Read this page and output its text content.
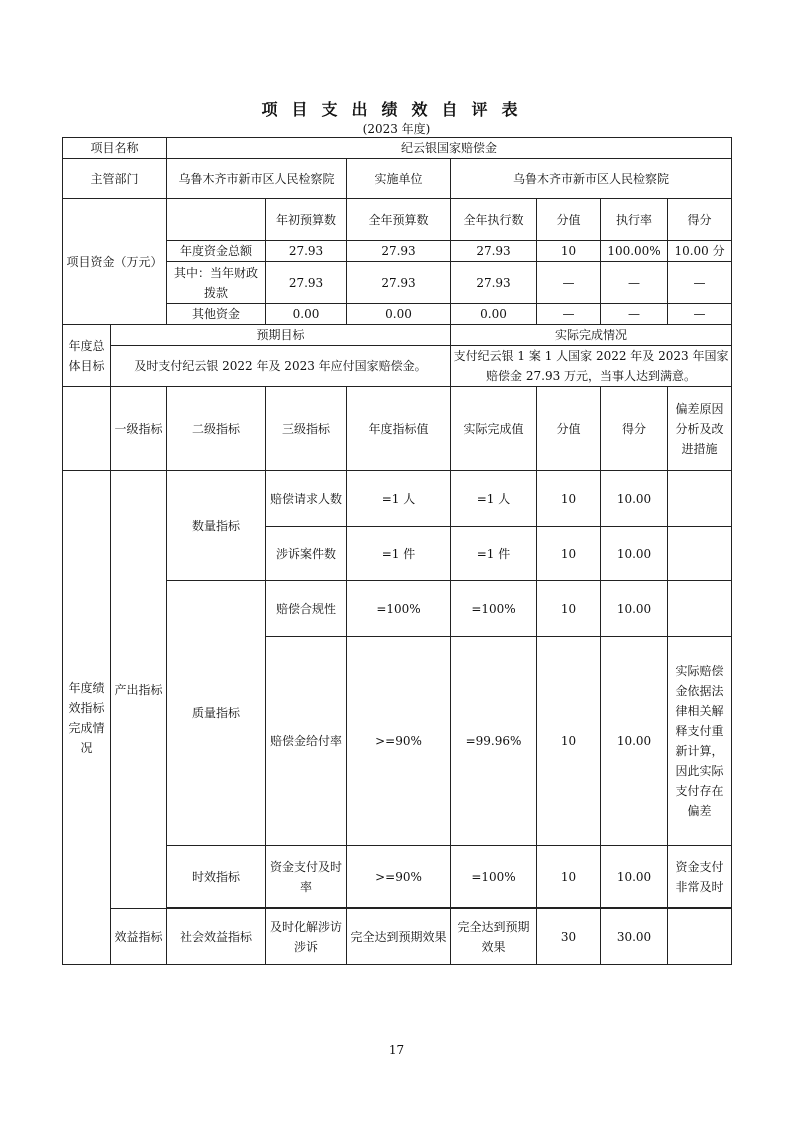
项目支出绩效自评表
(2023 年度)
项目名称		纪云银国家赔偿金						
主管部门		乌鲁木齐市新市区人民检察院		实施单位	乌鲁木齐市新市区人民检察院			
项目资金（万元）			年初预算数	全年预算数	全年执行数	分值	执行率	得分
		年度资金总额	27.93	27.93	27.93	10	100.00%	10.00 分
		其中：当年财政拨款	27.93	27.93	27.93	—	—	—
		其他资金	0.00	0.00	0.00	—	—	—
年度总体目标	预期目标				实际完成情况			
	及时支付纪云银 2022 年及 2023 年应付国家赔偿金。				支付纪云银 1 案 1 人国家 2022 年及 2023 年国家赔偿金 27.93 万元，当事人达到满意。			
	一级指标	二级指标	三级指标	年度指标值	实际完成值	分值	得分	偏差原因分析及改进措施
年度绩效指标完成情况	产出指标	数量指标	赔偿请求人数	=1 人	=1 人	10	10.00	
			涉诉案件数	=1 件	=1 件	10	10.00	
		质量指标	赔偿合规性	=100%	=100%	10	10.00	
			赔偿金给付率	>=90%	=99.96%	10	10.00	实际赔偿金依据法律相关解释支付重新计算，因此实际支付存在偏差
		时效指标	资金支付及时率	>=90%	=100%	10	10.00	资金支付非常及时

	效益指标	社会效益指标	及时化解涉访涉诉	完全达到预期效果	完全达到预期效果	30	30.00	
17
